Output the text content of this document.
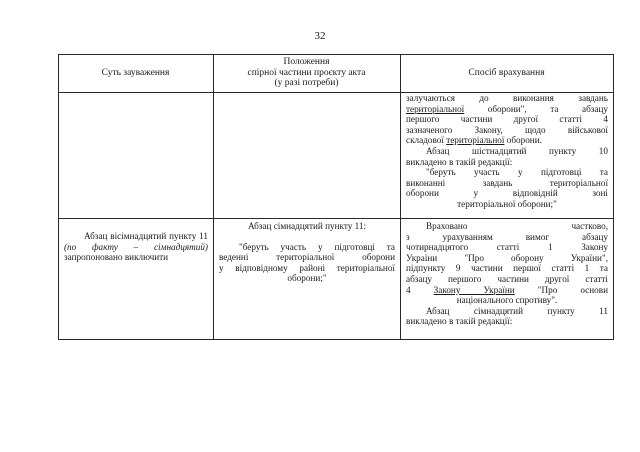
32
Суть зауваження
Положення
спірної частини проєкту акта
(у разі потреби)
Спосіб врахування

залучаються до виконання завдань

територіальної оборони", та абзацу

першого частини другої статті 4

зазначеного Закону, щодо військової

складової територіальної оборони.

Абзац шістнадцятий пункту 10

викладено в такій редакції:

"беруть участь у підготовці та

виконанні завдань територіальної

оборони у відповідній зоні

територіальної оборони;"

Абзац вісімнадцятий пункту 11

(по факту – сімнадцятий)

запропоновано виключити

Абзац сімнадцятий пункту 11:

"беруть участь у підготовці та

веденні територіальної оборони

у відповідному районі територіальної

оборони;"

Враховано частково,

з урахуванням вимог абзацу

чотирнадцятого статті 1 Закону

України "Про оборону України",

підпункту 9 частини першої статті 1 та

абзацу першого частини другої статті

4 Закону України "Про основи

національного спротиву".

Абзац сімнадцятий пункту 11

викладено в такій редакції:
